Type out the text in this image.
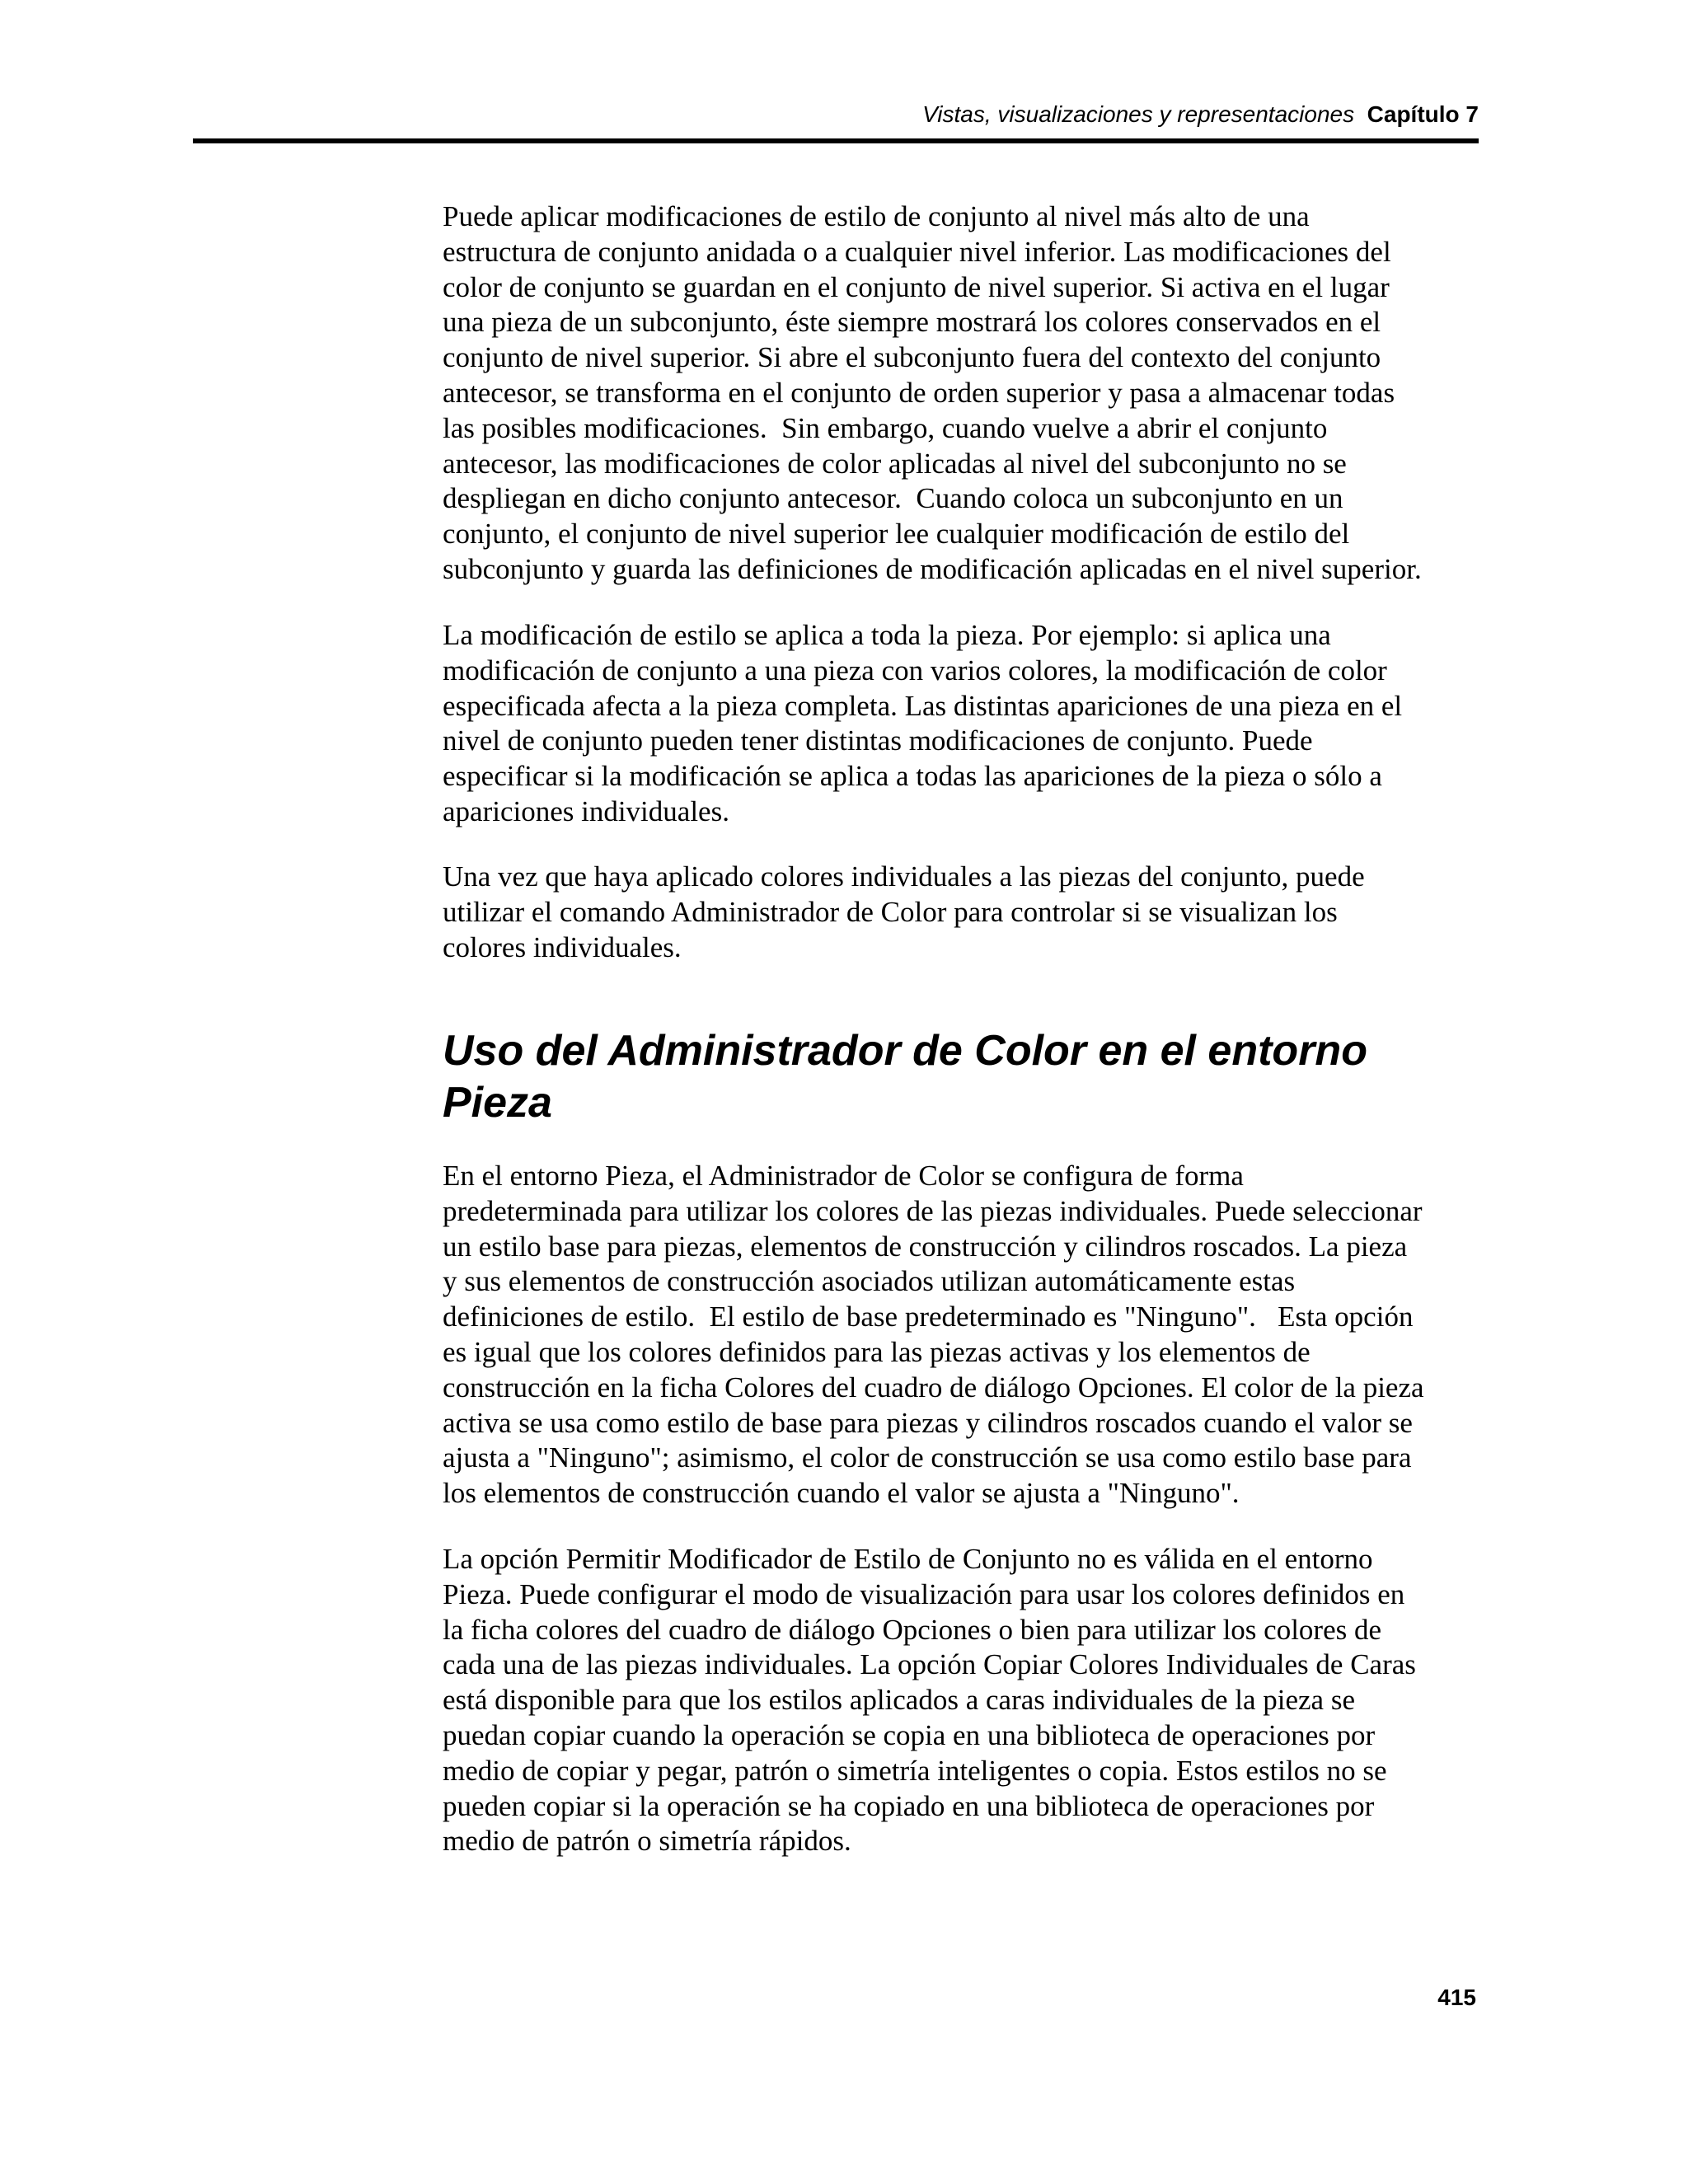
Vistas, visualizaciones y representaciones Capítulo 7
Puede aplicar modificaciones de estilo de conjunto al nivel más alto de una
estructura de conjunto anidada o a cualquier nivel inferior. Las modificaciones del
color de conjunto se guardan en el conjunto de nivel superior. Si activa en el lugar
una pieza de un subconjunto, éste siempre mostrará los colores conservados en el
conjunto de nivel superior. Si abre el subconjunto fuera del contexto del conjunto
antecesor, se transforma en el conjunto de orden superior y pasa a almacenar todas
las posibles modificaciones.  Sin embargo, cuando vuelve a abrir el conjunto
antecesor, las modificaciones de color aplicadas al nivel del subconjunto no se
despliegan en dicho conjunto antecesor.  Cuando coloca un subconjunto en un
conjunto, el conjunto de nivel superior lee cualquier modificación de estilo del
subconjunto y guarda las definiciones de modificación aplicadas en el nivel superior.
La modificación de estilo se aplica a toda la pieza. Por ejemplo: si aplica una
modificación de conjunto a una pieza con varios colores, la modificación de color
especificada afecta a la pieza completa. Las distintas apariciones de una pieza en el
nivel de conjunto pueden tener distintas modificaciones de conjunto. Puede
especificar si la modificación se aplica a todas las apariciones de la pieza o sólo a
apariciones individuales.
Una vez que haya aplicado colores individuales a las piezas del conjunto, puede
utilizar el comando Administrador de Color para controlar si se visualizan los
colores individuales.
Uso del Administrador de Color en el entorno
Pieza
En el entorno Pieza, el Administrador de Color se configura de forma
predeterminada para utilizar los colores de las piezas individuales. Puede seleccionar
un estilo base para piezas, elementos de construcción y cilindros roscados. La pieza
y sus elementos de construcción asociados utilizan automáticamente estas
definiciones de estilo.  El estilo de base predeterminado es "Ninguno".   Esta opción
es igual que los colores definidos para las piezas activas y los elementos de
construcción en la ficha Colores del cuadro de diálogo Opciones. El color de la pieza
activa se usa como estilo de base para piezas y cilindros roscados cuando el valor se
ajusta a "Ninguno"; asimismo, el color de construcción se usa como estilo base para
los elementos de construcción cuando el valor se ajusta a "Ninguno".
La opción Permitir Modificador de Estilo de Conjunto no es válida en el entorno
Pieza. Puede configurar el modo de visualización para usar los colores definidos en
la ficha colores del cuadro de diálogo Opciones o bien para utilizar los colores de
cada una de las piezas individuales. La opción Copiar Colores Individuales de Caras
está disponible para que los estilos aplicados a caras individuales de la pieza se
puedan copiar cuando la operación se copia en una biblioteca de operaciones por
medio de copiar y pegar, patrón o simetría inteligentes o copia. Estos estilos no se
pueden copiar si la operación se ha copiado en una biblioteca de operaciones por
medio de patrón o simetría rápidos.
415
